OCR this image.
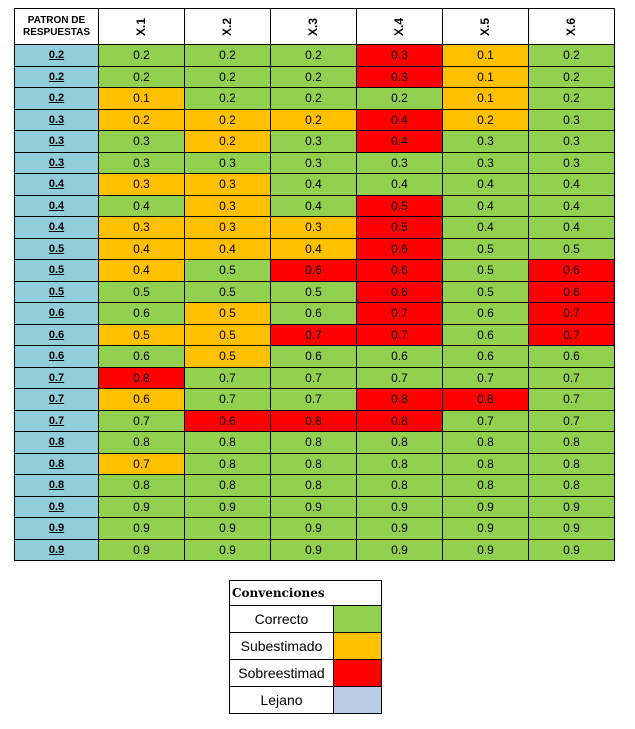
PATRON DE
RESPUESTAS	X.1	X.2	X.3	X.4	X.5	X.6
0.2	0.2	0.2	0.2	0.3	0.1	0.2
0.2	0.2	0.2	0.2	0.3	0.1	0.2
0.2	0.1	0.2	0.2	0.2	0.1	0.2
0.3	0.2	0.2	0.2	0.4	0.2	0.3
0.3	0.3	0.2	0.3	0.4	0.3	0.3
0.3	0.3	0.3	0.3	0.3	0.3	0.3
0.4	0.3	0.3	0.4	0.4	0.4	0.4
0.4	0.4	0.3	0.4	0.5	0.4	0.4
0.4	0.3	0.3	0.3	0.5	0.4	0.4
0.5	0.4	0.4	0.4	0.6	0.5	0.5
0.5	0.4	0.5	0.6	0.6	0.5	0.6
0.5	0.5	0.5	0.5	0.6	0.5	0.6
0.6	0.6	0.5	0.6	0.7	0.6	0.7
0.6	0.5	0.5	0.7	0.7	0.6	0.7
0.6	0.6	0.5	0.6	0.6	0.6	0.6
0.7	0.8	0.7	0.7	0.7	0.7	0.7
0.7	0.6	0.7	0.7	0.8	0.8	0.7
0.7	0.7	0.6	0.8	0.8	0.7	0.7
0.8	0.8	0.8	0.8	0.8	0.8	0.8
0.8	0.7	0.8	0.8	0.8	0.8	0.8
0.8	0.8	0.8	0.8	0.8	0.8	0.8
0.9	0.9	0.9	0.9	0.9	0.9	0.9
0.9	0.9	0.9	0.9	0.9	0.9	0.9
0.9	0.9	0.9	0.9	0.9	0.9	0.9
Convenciones	
Correcto	
Subestimado	
Sobreestimad	
Lejano	
